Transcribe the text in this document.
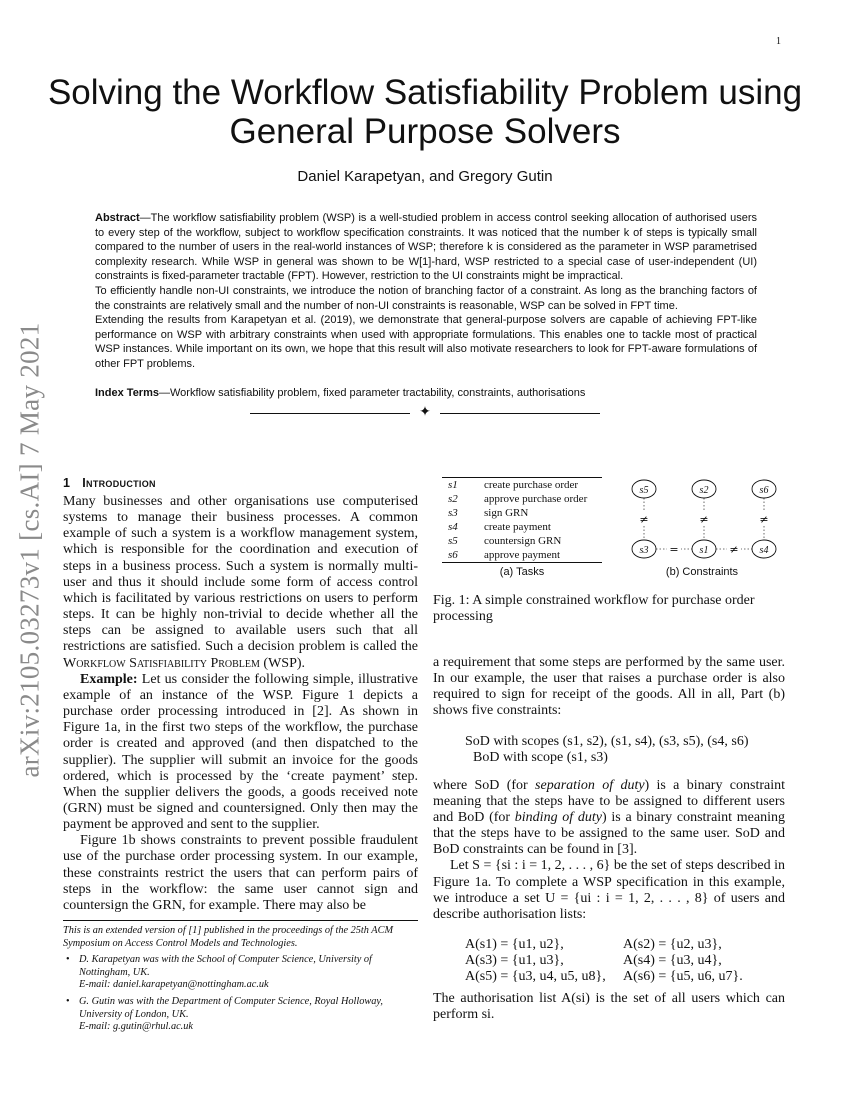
1
arXiv:2105.03273v1 [cs.AI] 7 May 2021
Solving the Workflow Satisfiability Problem using General Purpose Solvers
Daniel Karapetyan, and Gregory Gutin

Abstract—The workflow satisfiability problem (WSP) is a well-studied problem in access control seeking allocation of authorised users to every step of the workflow, subject to workflow specification constraints. It was noticed that the number k of steps is typically small compared to the number of users in the real-world instances of WSP; therefore k is considered as the parameter in WSP parametrised complexity research. While WSP in general was shown to be W[1]-hard, WSP restricted to a special case of user-independent (UI) constraints is fixed-parameter tractable (FPT). However, restriction to the UI constraints might be impractical.

To efficiently handle non-UI constraints, we introduce the notion of branching factor of a constraint. As long as the branching factors of the constraints are relatively small and the number of non-UI constraints is reasonable, WSP can be solved in FPT time.

Extending the results from Karapetyan et al. (2019), we demonstrate that general-purpose solvers are capable of achieving FPT-like performance on WSP with arbitrary constraints when used with appropriate formulations. This enables one to tackle most of practical WSP instances. While important on its own, we hope that this result will also motivate researchers to look for FPT-aware formulations of other FPT problems.

Index Terms—Workflow satisfiability problem, fixed parameter tractability, constraints, authorisations
✦
1 Introduction

Many businesses and other organisations use computerised systems to manage their business processes. A common example of such a system is a workflow management system, which is responsible for the coordination and execution of steps in a business process. Such a system is normally multi-user and thus it should include some form of access control which is facilitated by various restrictions on users to perform steps. It can be highly non-trivial to decide whether all the steps can be assigned to available users such that all restrictions are satisfied. Such a decision problem is called the Workflow Satisfiability Problem (WSP).

Example: Let us consider the following simple, illustrative example of an instance of the WSP. Figure 1 depicts a purchase order processing introduced in [2]. As shown in Figure 1a, in the first two steps of the workflow, the purchase order is created and approved (and then dispatched to the supplier). The supplier will submit an invoice for the goods ordered, which is processed by the ‘create payment’ step. When the supplier delivers the goods, a goods received note (GRN) must be signed and countersigned. Only then may the payment be approved and sent to the supplier.

Figure 1b shows constraints to prevent possible fraudulent use of the purchase order processing system. In our example, these constraints restrict the users that can perform pairs of steps in the workflow: the same user cannot sign and countersign the GRN, for example. There may also be

This is an extended version of [1] published in the proceedings of the 25th ACM Symposium on Access Control Models and Technologies.

• D. Karapetyan was with the School of Computer Science, University of Nottingham, UK.
E-mail: daniel.karapetyan@nottingham.ac.uk
• G. Gutin was with the Department of Computer Science, Royal Holloway, University of London, UK.
E-mail: g.gutin@rhul.ac.uk
s1	create purchase order
s2	approve purchase order
s3	sign GRN
s4	create payment
s5	countersign GRN
s6	approve payment
(a) Tasks
s5	s2	s6
s3	s1	s4
≠	≠	≠
=	≠
(b) Constraints
Fig. 1: A simple constrained workflow for purchase order processing

a requirement that some steps are performed by the same user. In our example, the user that raises a purchase order is also required to sign for receipt of the goods. All in all, Part (b) shows five constraints:

SoD with scopes (s1, s2), (s1, s4), (s3, s5), (s4, s6)
BoD with scope (s1, s3)

where SoD (for separation of duty) is a binary constraint meaning that the steps have to be assigned to different users and BoD (for binding of duty) is a binary constraint meaning that the steps have to be assigned to the same user. SoD and BoD constraints can be found in [3].

Let S = {si : i = 1, 2, . . . , 6} be the set of steps described in Figure 1a. To complete a WSP specification in this example, we introduce a set U = {ui : i = 1, 2, . . . , 8} of users and describe authorisation lists:

A(s1) = {u1, u2},	A(s2) = {u2, u3},
A(s3) = {u1, u3},	A(s4) = {u3, u4},
A(s5) = {u3, u4, u5, u8},	A(s6) = {u5, u6, u7}.

The authorisation list A(si) is the set of all users which can perform si.
